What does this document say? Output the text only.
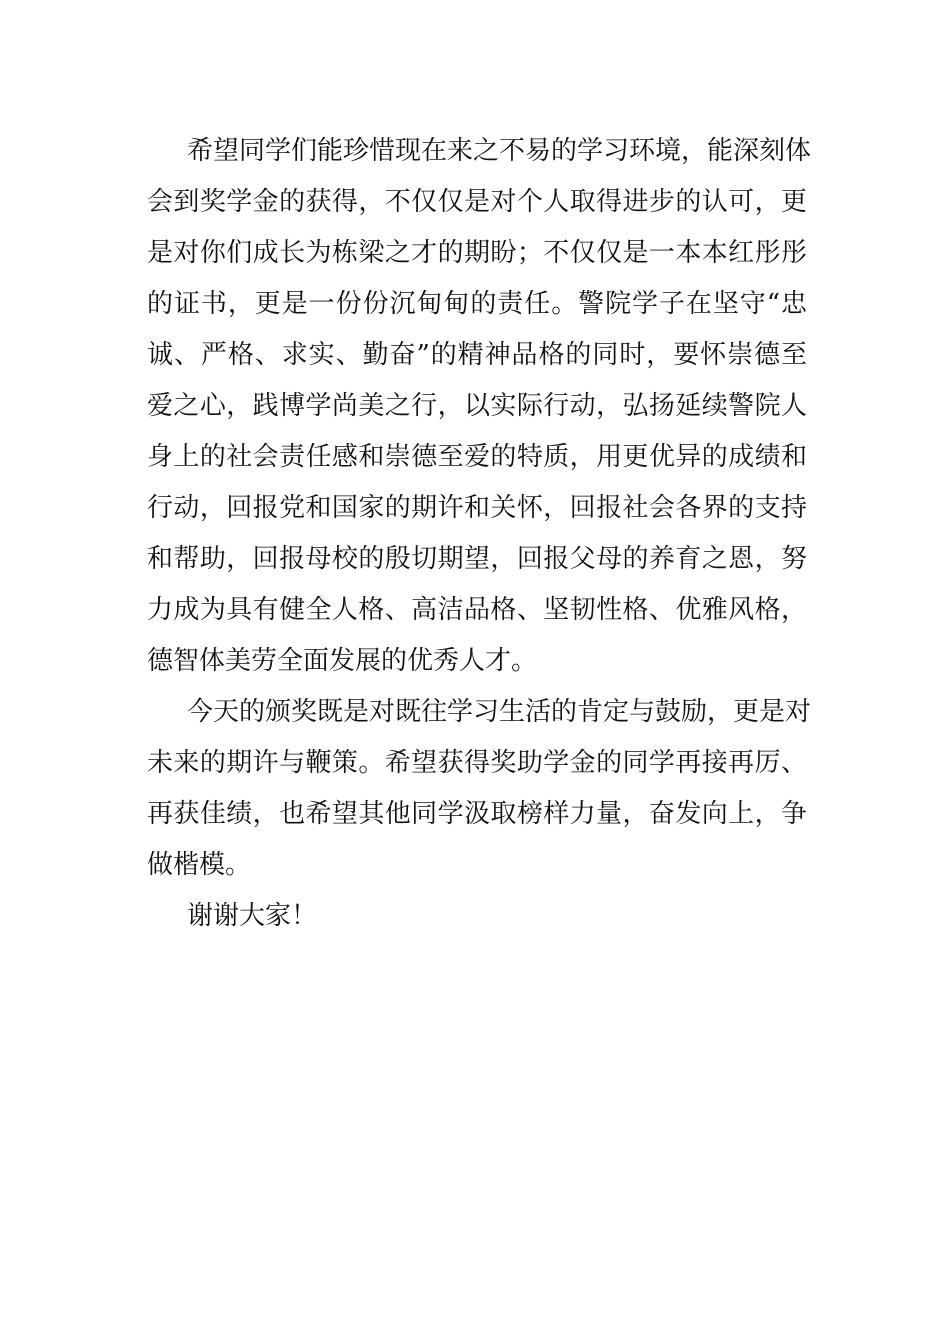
希望同学们能珍惜现在来之不易的学习环境，能深刻体
会到奖学金的获得，不仅仅是对个人取得进步的认可，更
是对你们成长为栋梁之才的期盼；不仅仅是一本本红彤彤
的证书，更是一份份沉甸甸的责任。警院学子在坚守“忠
诚、严格、求实、勤奋”的精神品格的同时，要怀崇德至
爱之心，践博学尚美之行，以实际行动，弘扬延续警院人
身上的社会责任感和崇德至爱的特质，用更优异的成绩和
行动，回报党和国家的期许和关怀，回报社会各界的支持
和帮助，回报母校的殷切期望，回报父母的养育之恩，努
力成为具有健全人格、高洁品格、坚韧性格、优雅风格，
德智体美劳全面发展的优秀人才。
今天的颁奖既是对既往学习生活的肯定与鼓励，更是对
未来的期许与鞭策。希望获得奖助学金的同学再接再厉、
再获佳绩，也希望其他同学汲取榜样力量，奋发向上，争
做楷模。
谢谢大家！
